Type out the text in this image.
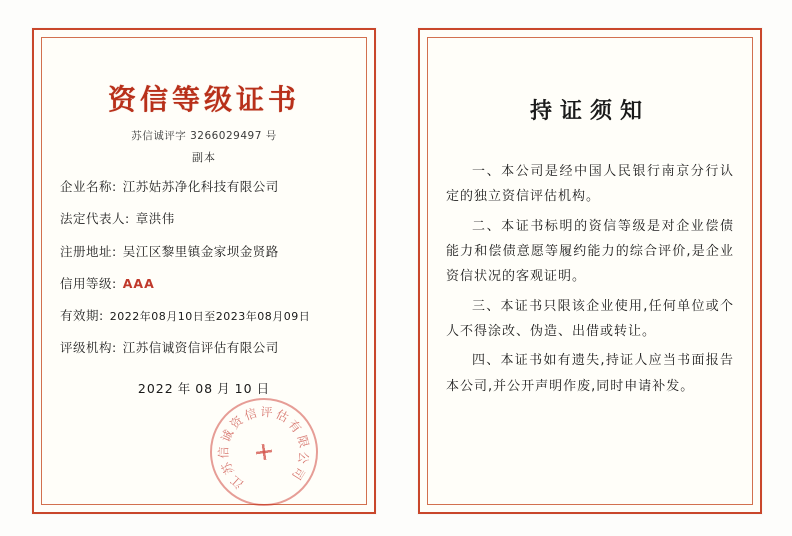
资信等级证书
苏信诚评字 3266029497 号
副本
企业名称: 江苏姑苏净化科技有限公司
法定代表人: 章洪伟
注册地址: 吴江区黎里镇金家坝金贤路
信用等级: AAA
有效期: 2022年08月10日至2023年08月09日
评级机构: 江苏信诚资信评估有限公司
2022 年 08 月 10 日
江
苏
信
诚
资
信 评 估
有
限
公
司
持证须知

一、本公司是经中国人民银行南京分行认定的独立资信评估机构。

二、本证书标明的资信等级是对企业偿债能力和偿债意愿等履约能力的综合评价,是企业资信状况的客观证明。

三、本证书只限该企业使用,任何单位或个人不得涂改、伪造、出借或转让。

四、本证书如有遗失,持证人应当书面报告本公司,并公开声明作废,同时申请补发。
